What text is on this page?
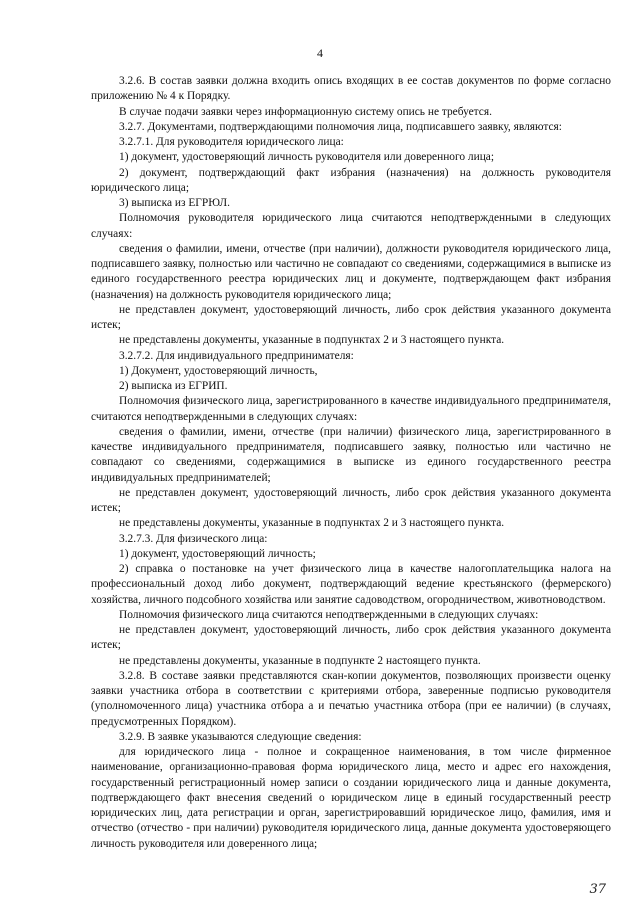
4

3.2.6. В состав заявки должна входить опись входящих в ее состав документов по форме согласно приложению № 4 к Порядку.

В случае подачи заявки через информационную систему опись не требуется.

3.2.7. Документами, подтверждающими полномочия лица, подписавшего заявку, являются:

3.2.7.1. Для руководителя юридического лица:

1) документ, удостоверяющий личность руководителя или доверенного лица;

2) документ, подтверждающий факт избрания (назначения) на должность руководителя юридического лица;

3) выписка из ЕГРЮЛ.

Полномочия руководителя юридического лица считаются неподтвержденными в следующих случаях:

сведения о фамилии, имени, отчестве (при наличии), должности руководителя юридического лица, подписавшего заявку, полностью или частично не совпадают со сведениями, содержащимися в выписке из единого государственного реестра юридических лиц и документе, подтверждающем факт избрания (назначения) на должность руководителя юридического лица;

не представлен документ, удостоверяющий личность, либо срок действия указанного документа истек;

не представлены документы, указанные в подпунктах 2 и 3 настоящего пункта.

3.2.7.2. Для индивидуального предпринимателя:

1) Документ, удостоверяющий личность,

2) выписка из ЕГРИП.

Полномочия физического лица, зарегистрированного в качестве индивидуального предпринимателя, считаются неподтвержденными в следующих случаях:

сведения о фамилии, имени, отчестве (при наличии) физического лица, зарегистрированного в качестве индивидуального предпринимателя, подписавшего заявку, полностью или частично не совпадают со сведениями, содержащимися в выписке из единого государственного реестра индивидуальных предпринимателей;

не представлен документ, удостоверяющий личность, либо срок действия указанного документа истек;

не представлены документы, указанные в подпунктах 2 и 3 настоящего пункта.

3.2.7.3. Для физического лица:

1) документ, удостоверяющий личность;

2) справка о постановке на учет физического лица в качестве налогоплательщика налога на профессиональный доход либо документ, подтверждающий ведение крестьянского (фермерского) хозяйства, личного подсобного хозяйства или занятие садоводством, огородничеством, животноводством.

Полномочия физического лица считаются неподтвержденными в следующих случаях:

не представлен документ, удостоверяющий личность, либо срок действия указанного документа истек;

не представлены документы, указанные в подпункте 2 настоящего пункта.

3.2.8. В составе заявки представляются скан-копии документов, позволяющих произвести оценку заявки участника отбора в соответствии с критериями отбора, заверенные подписью руководителя (уполномоченного лица) участника отбора а и печатью участника отбора (при ее наличии) (в случаях, предусмотренных Порядком).

3.2.9. В заявке указываются следующие сведения:

для юридического лица - полное и сокращенное наименования, в том числе фирменное наименование, организационно-правовая форма юридического лица, место и адрес его нахождения, государственный регистрационный номер записи о создании юридического лица и данные документа, подтверждающего факт внесения сведений о юридическом лице в единый государственный реестр юридических лиц, дата регистрации и орган, зарегистрировавший юридическое лицо, фамилия, имя и отчество (отчество - при наличии) руководителя юридического лица, данные документа удостоверяющего личность руководителя или доверенного лица;

37
